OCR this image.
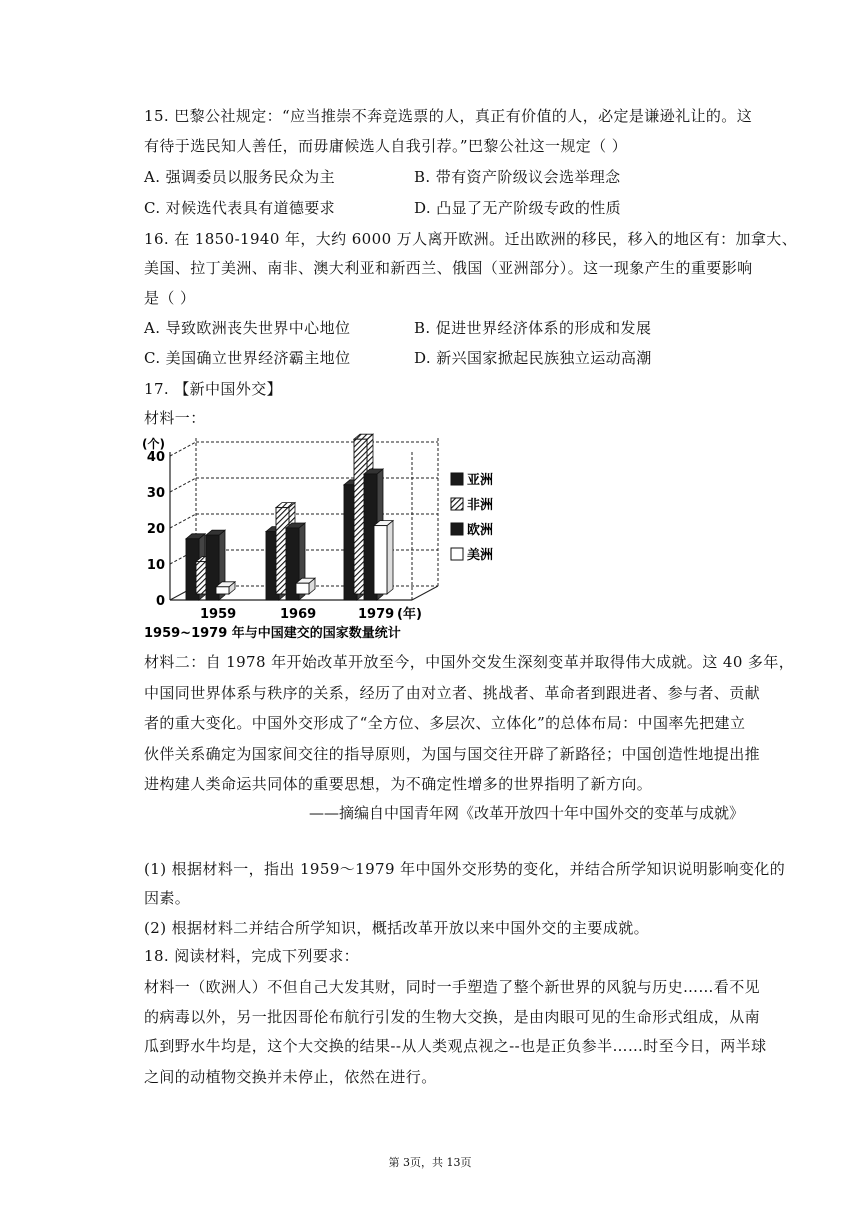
15. 巴黎公社规定：“应当推崇不奔竞选票的人，真正有价值的人，必定是谦逊礼让的。这
有待于选民知人善任，而毋庸候选人自我引荐。”巴黎公社这一规定（ ）
A. 强调委员以服务民众为主	B. 带有资产阶级议会选举理念
C. 对候选代表具有道德要求	D. 凸显了无产阶级专政的性质
16. 在 1850-1940 年，大约 6000 万人离开欧洲。迁出欧洲的移民，移入的地区有：加拿大、
美国、拉丁美洲、南非、澳大利亚和新西兰、俄国（亚洲部分）。这一现象产生的重要影响
是（ ）
A. 导致欧洲丧失世界中心地位	B. 促进世界经济体系的形成和发展
C. 美国确立世界经济霸主地位	D. 新兴国家掀起民族独立运动高潮
17. 【新中国外交】
材料一：
0
10
20
30
40
(个)
1959	1969	1979 (年)
亚洲
非洲
欧洲
美洲
1959~1979 年与中国建交的国家数量统计
材料二：自 1978 年开始改革开放至今，中国外交发生深刻变革并取得伟大成就。这 40 多年，
中国同世界体系与秩序的关系，经历了由对立者、挑战者、革命者到跟进者、参与者、贡献
者的重大变化。中国外交形成了“全方位、多层次、立体化”的总体布局：中国率先把建立
伙伴关系确定为国家间交往的指导原则，为国与国交往开辟了新路径；中国创造性地提出推
进构建人类命运共同体的重要思想，为不确定性增多的世界指明了新方向。
——摘编自中国青年网《改革开放四十年中国外交的变革与成就》
(1) 根据材料一，指出 1959～1979 年中国外交形势的变化，并结合所学知识说明影响变化的
因素。
(2) 根据材料二并结合所学知识，概括改革开放以来中国外交的主要成就。
18. 阅读材料，完成下列要求：
材料一（欧洲人）不但自己大发其财，同时一手塑造了整个新世界的风貌与历史……看不见
的病毒以外，另一批因哥伦布航行引发的生物大交换，是由肉眼可见的生命形式组成，从南
瓜到野水牛均是，这个大交换的结果--从人类观点视之--也是正负参半……时至今日，两半球
之间的动植物交换并未停止，依然在进行。
第 3页，共 13页
